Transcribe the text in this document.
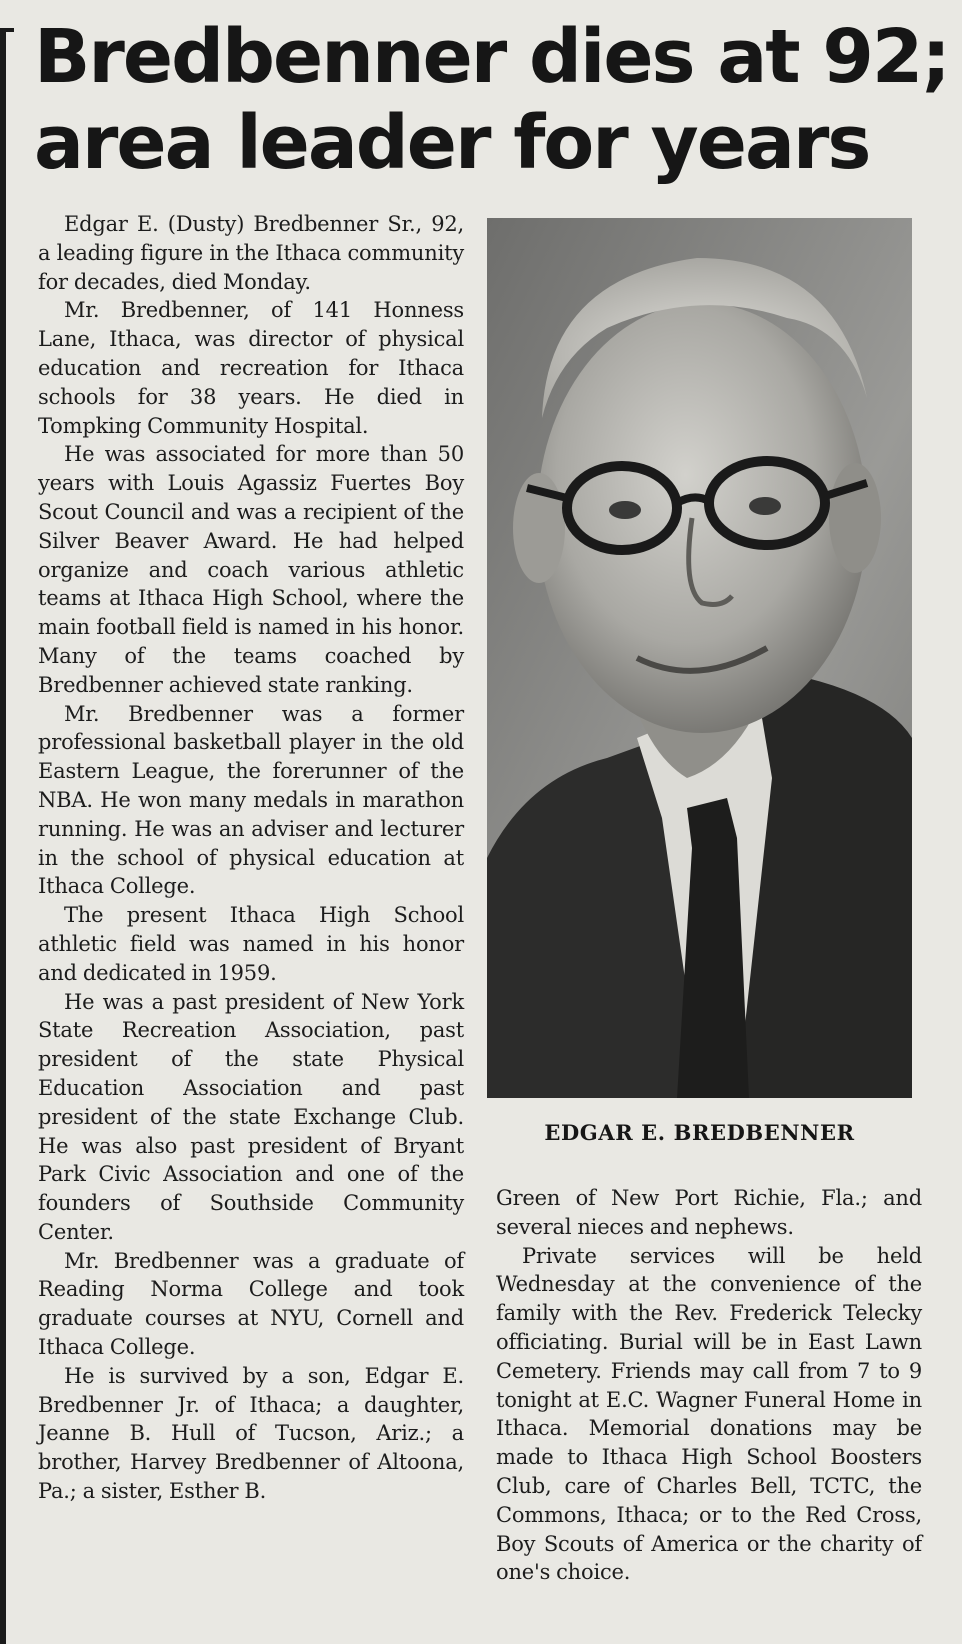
Bredbenner dies at 92;
area leader for years

Edgar E. (Dusty) Bredbenner Sr., 92, a leading figure in the Ithaca community for decades, died Monday.

Mr. Bredbenner, of 141 Honness Lane, Ithaca, was director of physical education and recreation for Ithaca schools for 38 years. He died in Tompking Community Hospital.

He was associated for more than 50 years with Louis Agassiz Fuertes Boy Scout Council and was a recipient of the Silver Beaver Award. He had helped organize and coach various athletic teams at Ithaca High School, where the main football field is named in his honor. Many of the teams coached by Bredbenner achieved state ranking.

Mr. Bredbenner was a former professional basketball player in the old Eastern League, the forerunner of the NBA. He won many medals in marathon running. He was an adviser and lecturer in the school of physical education at Ithaca College.

The present Ithaca High School athletic field was named in his honor and dedicated in 1959.

He was a past president of New York State Recreation Association, past president of the state Physical Education Association and past president of the state Exchange Club. He was also past president of Bryant Park Civic Association and one of the founders of Southside Community Center.

Mr. Bredbenner was a graduate of Reading Norma College and took graduate courses at NYU, Cornell and Ithaca College.

He is survived by a son, Edgar E. Bredbenner Jr. of Ithaca; a daughter, Jeanne B. Hull of Tucson, Ariz.; a brother, Harvey Bredbenner of Altoona, Pa.; a sister, Esther B.

EDGAR E. BREDBENNER

Green of New Port Richie, Fla.; and several nieces and nephews.

Private services will be held Wednesday at the convenience of the family with the Rev. Frederick Telecky officiating. Burial will be in East Lawn Cemetery. Friends may call from 7 to 9 tonight at E.C. Wagner Funeral Home in Ithaca. Memorial donations may be made to Ithaca High School Boosters Club, care of Charles Bell, TCTC, the Commons, Ithaca; or to the Red Cross, Boy Scouts of America or the charity of one's choice.
